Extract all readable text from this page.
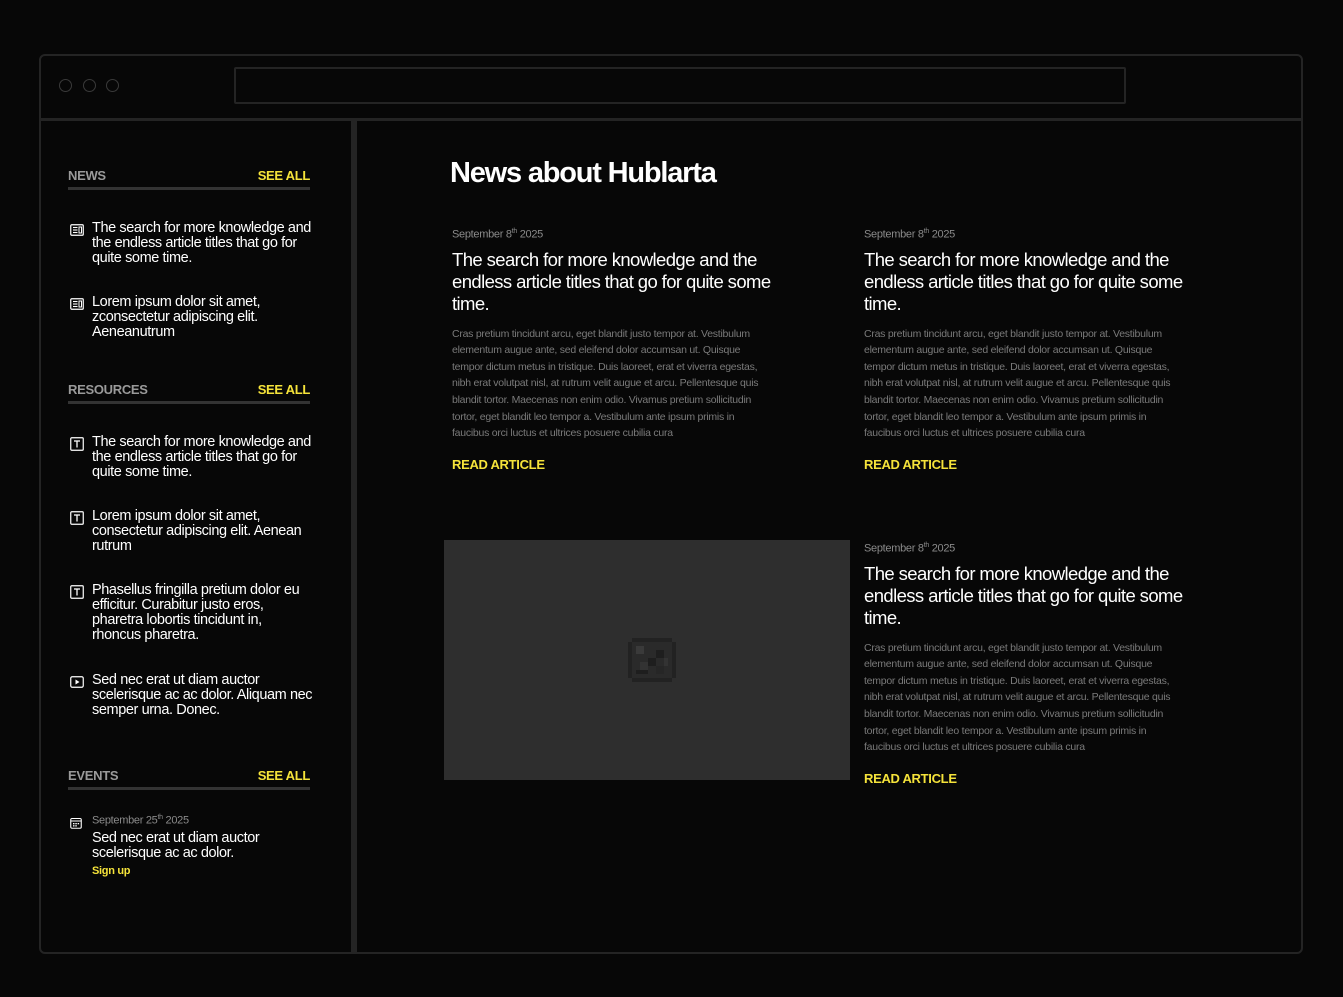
NEWS	SEE ALL
The search for more knowledge and the endless article titles that go for quite some time.
Lorem ipsum dolor sit amet, zconsectetur adipiscing elit. Aeneanutrum
RESOURCES	SEE ALL
The search for more knowledge and the endless article titles that go for quite some time.
Lorem ipsum dolor sit amet, consectetur adipiscing elit. Aenean rutrum
Phasellus fringilla pretium dolor eu efficitur. Curabitur justo eros, pharetra lobortis tincidunt in, rhoncus pharetra.
Sed nec erat ut diam auctor scelerisque ac ac dolor. Aliquam nec semper urna. Donec.
EVENTS	SEE ALL
September 25th 2025
Sed nec erat ut diam auctor scelerisque ac ac dolor.
Sign up
News about Hublarta
September 8th 2025
The search for more knowledge and the endless article titles that go for quite some time.
Cras pretium tincidunt arcu, eget blandit justo tempor at. Vestibulum elementum augue ante, sed eleifend dolor accumsan ut. Quisque tempor dictum metus in tristique. Duis laoreet, erat et viverra egestas, nibh erat volutpat nisl, at rutrum velit augue et arcu. Pellentesque quis blandit tortor. Maecenas non enim odio. Vivamus pretium sollicitudin tortor, eget blandit leo tempor a. Vestibulum ante ipsum primis in faucibus orci luctus et ultrices posuere cubilia cura
READ ARTICLE
September 8th 2025
The search for more knowledge and the endless article titles that go for quite some time.
Cras pretium tincidunt arcu, eget blandit justo tempor at. Vestibulum elementum augue ante, sed eleifend dolor accumsan ut. Quisque tempor dictum metus in tristique. Duis laoreet, erat et viverra egestas, nibh erat volutpat nisl, at rutrum velit augue et arcu. Pellentesque quis blandit tortor. Maecenas non enim odio. Vivamus pretium sollicitudin tortor, eget blandit leo tempor a. Vestibulum ante ipsum primis in faucibus orci luctus et ultrices posuere cubilia cura
READ ARTICLE
September 8th 2025
The search for more knowledge and the endless article titles that go for quite some time.
Cras pretium tincidunt arcu, eget blandit justo tempor at. Vestibulum elementum augue ante, sed eleifend dolor accumsan ut. Quisque tempor dictum metus in tristique. Duis laoreet, erat et viverra egestas, nibh erat volutpat nisl, at rutrum velit augue et arcu. Pellentesque quis blandit tortor. Maecenas non enim odio. Vivamus pretium sollicitudin tortor, eget blandit leo tempor a. Vestibulum ante ipsum primis in faucibus orci luctus et ultrices posuere cubilia cura
READ ARTICLE
